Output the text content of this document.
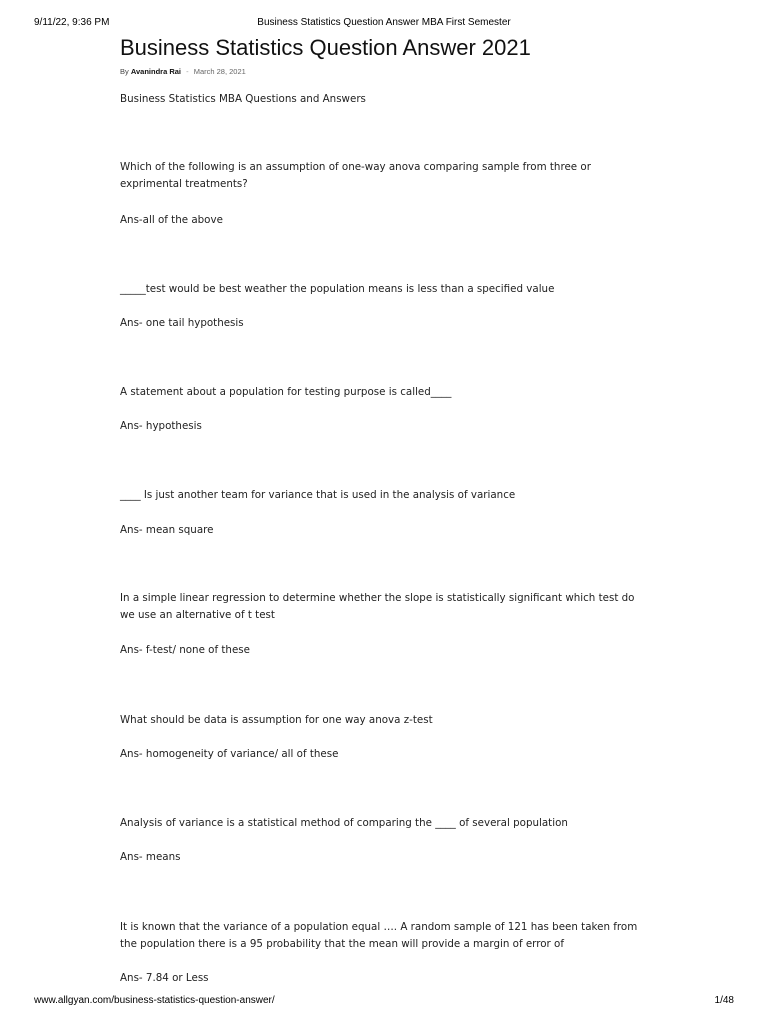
9/11/22, 9:36 PM	Business Statistics Question Answer MBA First Semester
Business Statistics Question Answer 2021
By Avanindra Rai - March 28, 2021

Business Statistics MBA Questions and Answers

Which of the following is an assumption of one-way anova comparing sample from three or exprimental treatments?

Ans-all of the above

_____test would be best weather the population means is less than a specified value

Ans- one tail hypothesis

A statement about a population for testing purpose is called____

Ans- hypothesis

____ Is just another team for variance that is used in the analysis of variance

Ans- mean square

In a simple linear regression to determine whether the slope is statistically significant which test do we use an alternative of t test

Ans- f-test/ none of these

What should be data is assumption for one way anova z-test

Ans- homogeneity of variance/ all of these

Analysis of variance is a statistical method of comparing the ____ of several population

Ans- means

It is known that the variance of a population equal …. A random sample of 121 has been taken from the population there is a 95 probability that the mean will provide a margin of error of

Ans- 7.84 or Less

www.allgyan.com/business-statistics-question-answer/	1/48
